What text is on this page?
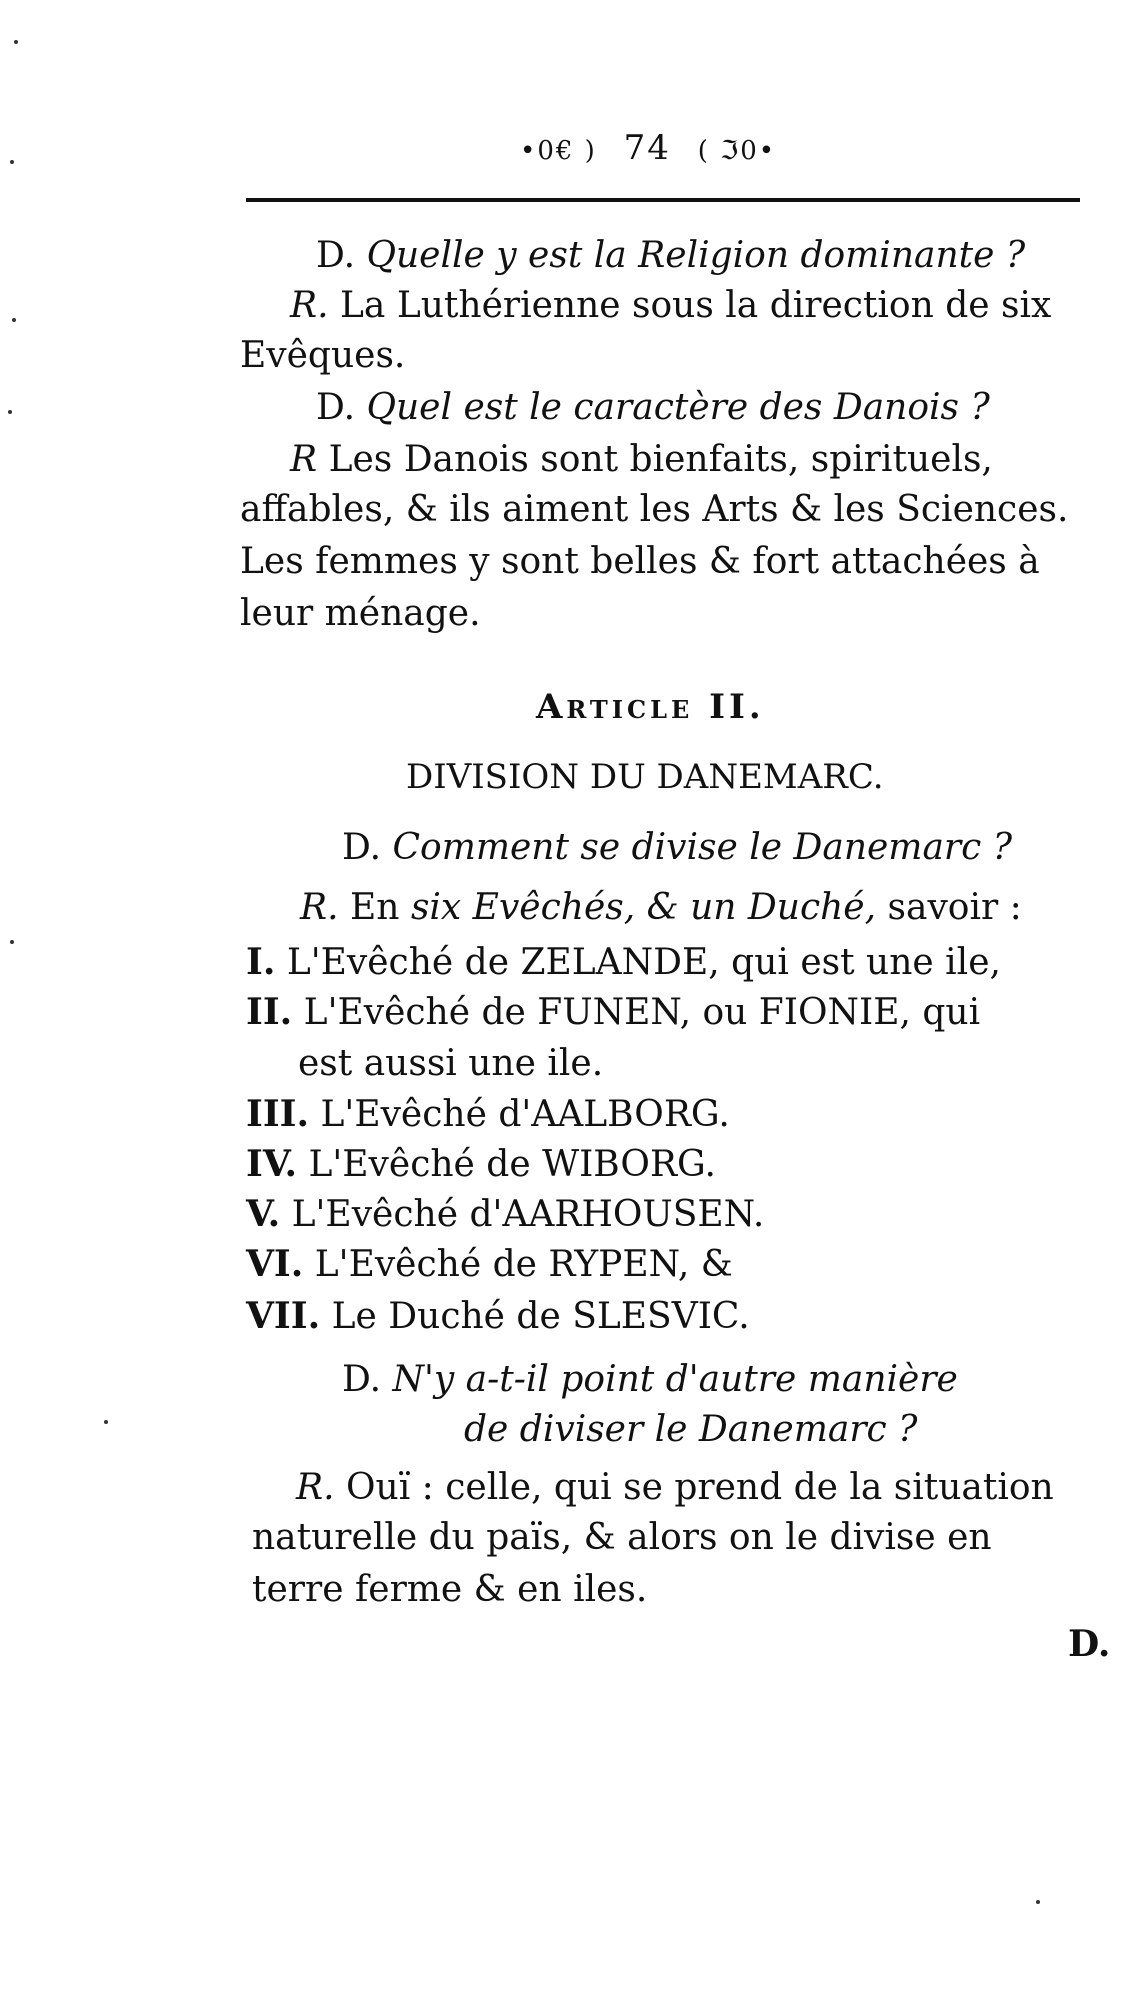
•0€ ) 74 ( ℑ0•
D. Quelle y est la Religion dominante ?
R. La Luthérienne sous la direction de six
Evêques.
D. Quel est le caractère des Danois ?
R Les Danois sont bienfaits, spirituels,
affables, & ils aiment les Arts & les Sciences.
Les femmes y sont belles & fort attachées à
leur ménage.
Article II.
DIVISION DU DANEMARC.
D. Comment se divise le Danemarc ?
R. En six Evêchés, & un Duché, savoir :
I. L'Evêché de ZELANDE, qui est une ile,
II. L'Evêché de FUNEN, ou FIONIE, qui
est aussi une ile.
III. L'Evêché d'AALBORG.
IV. L'Evêché de WIBORG.
V. L'Evêché d'AARHOUSEN.
VI. L'Evêché de RYPEN, &
VII. Le Duché de SLESVIC.
D. N'y a-t-il point d'autre manière
de diviser le Danemarc ?
R. Ouï : celle, qui se prend de la situation
naturelle du païs, & alors on le divise en
terre ferme & en iles.
D.
